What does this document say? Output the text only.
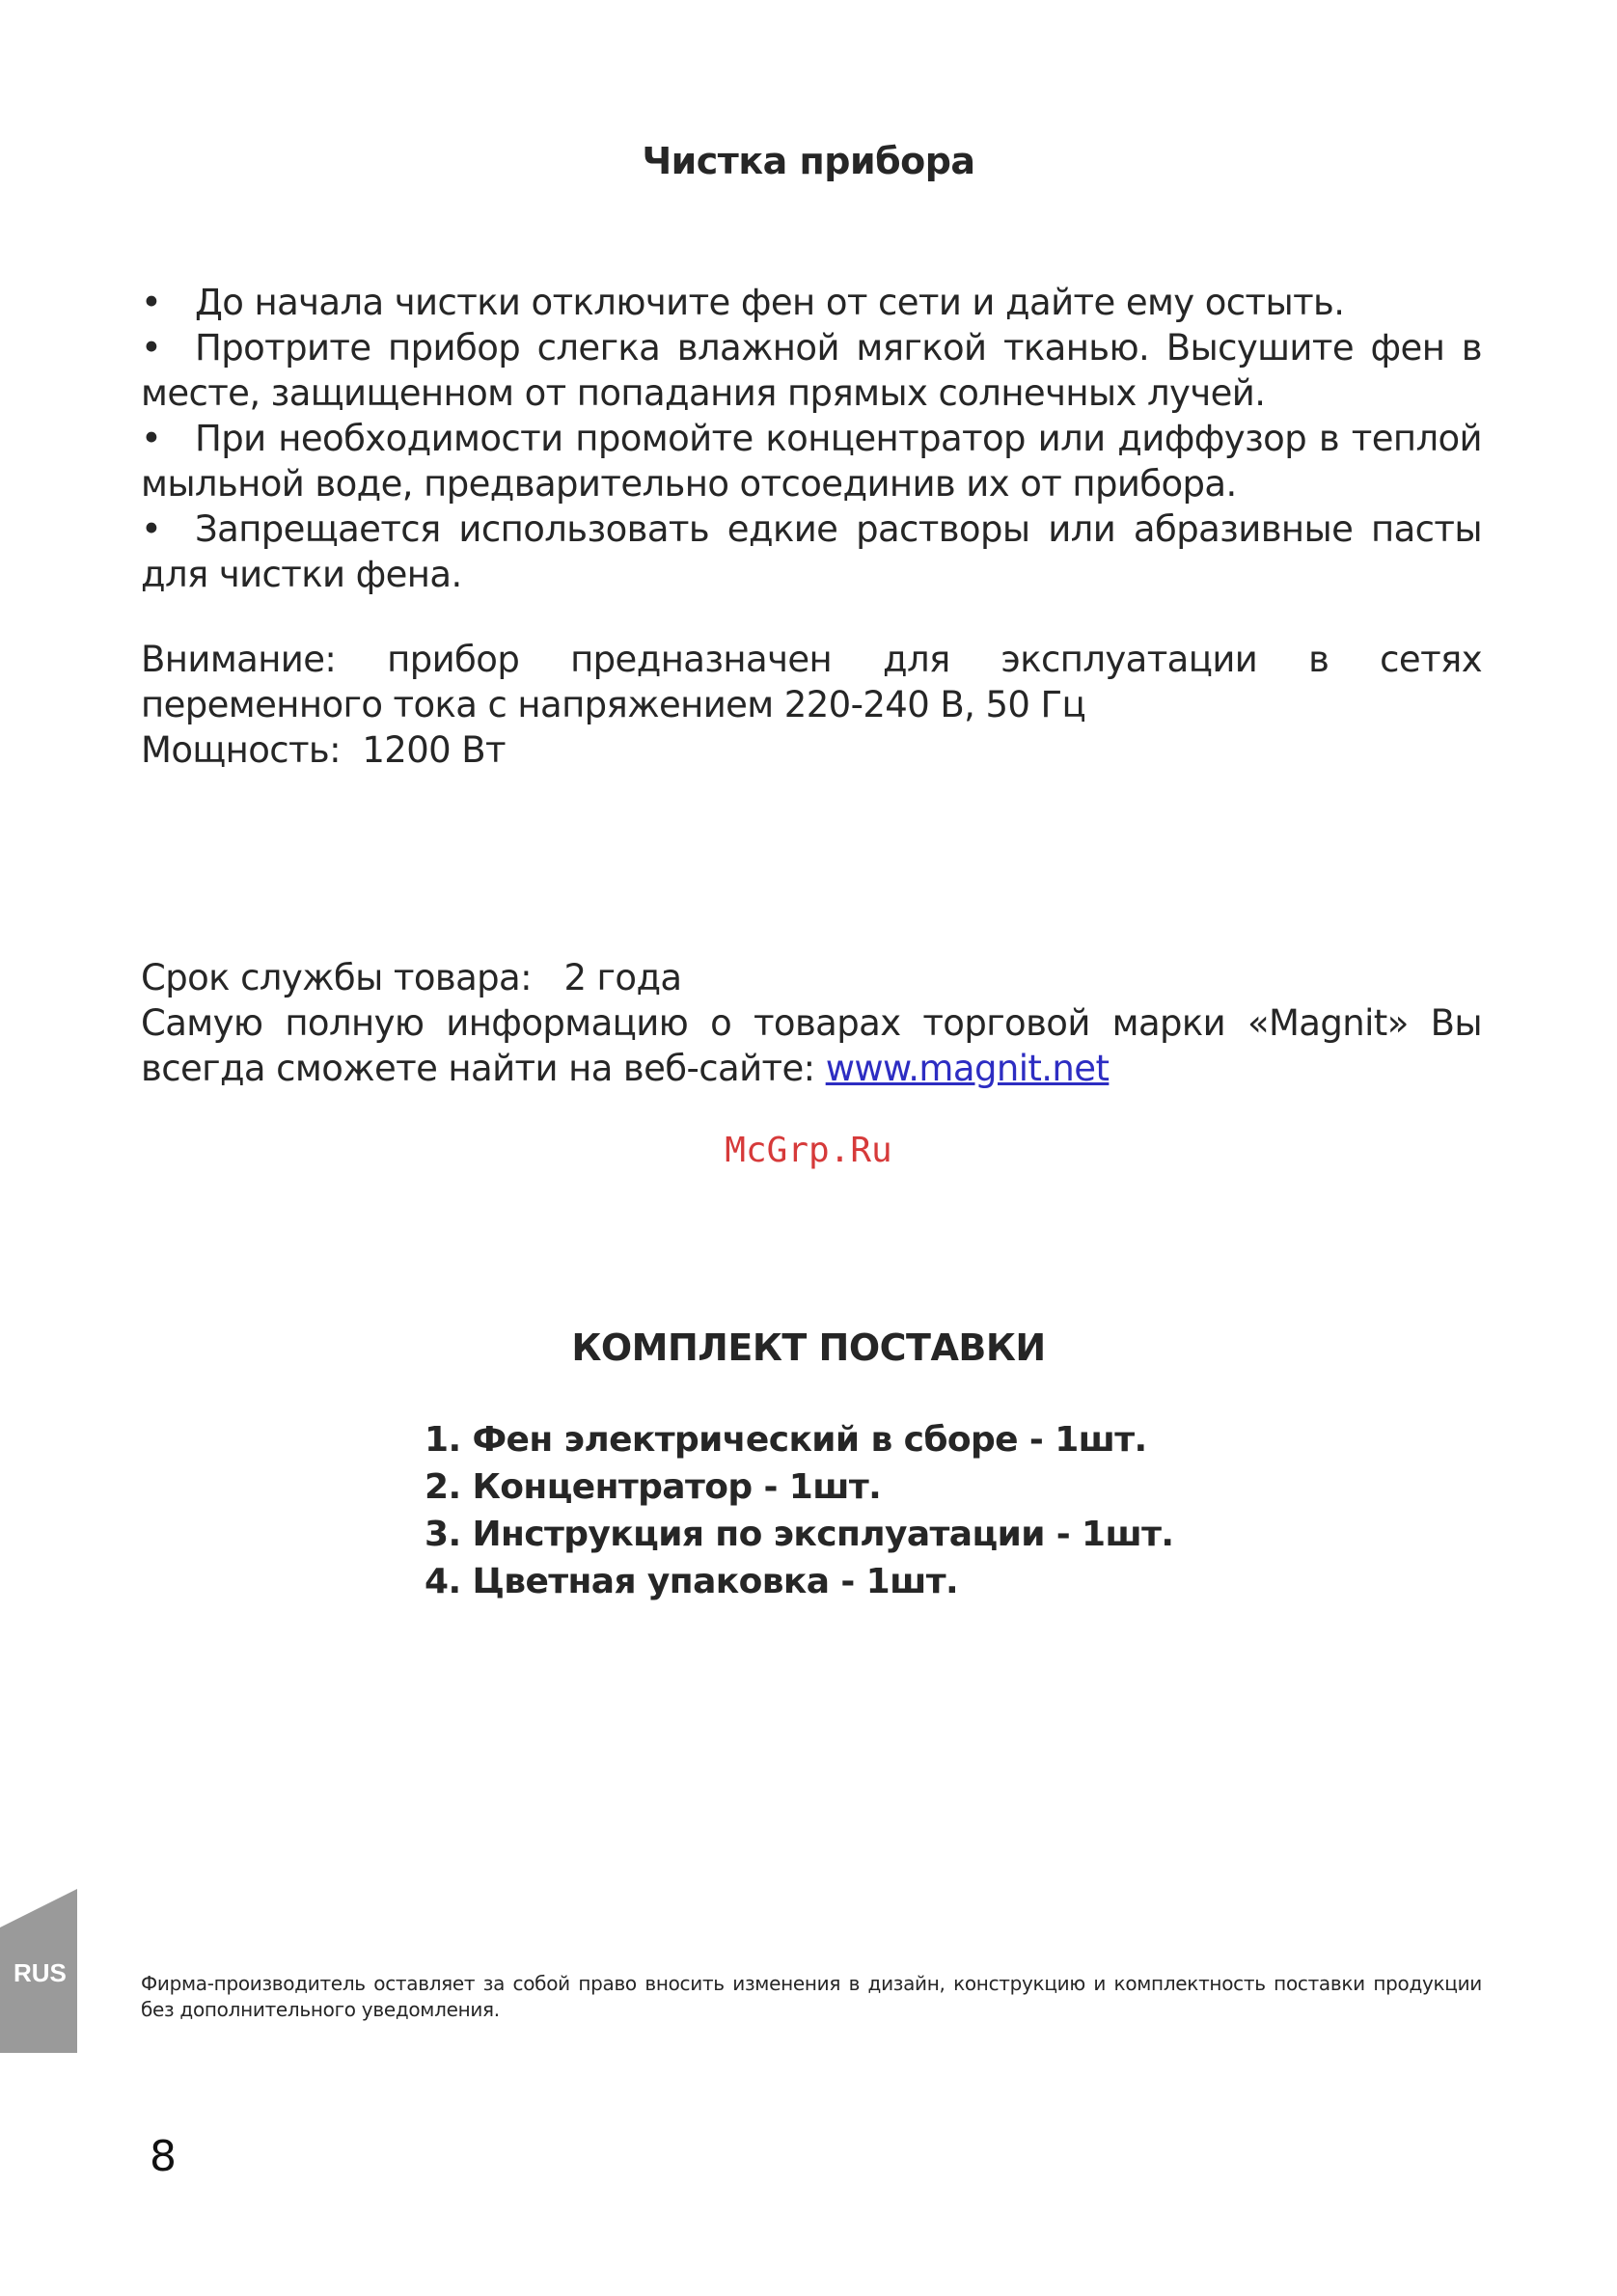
Чистка прибора

• До начала чистки отключите фен от сети и дайте ему остыть.

• Протрите прибор слегка влажной мягкой тканью. Высушите фен в месте, защищенном от попадания прямых солнечных лучей.

• При необходимости промойте концентратор или диффузор в теплой мыльной воде, предварительно отсоединив их от прибора.

• Запрещается использовать едкие растворы или абразивные пасты для чистки фена.

Внимание: прибор предназначен для эксплуатации в сетях переменного тока с напряжением 220-240 В, 50 Гц

Мощность:  1200 Вт

Срок службы товара:   2 года

Самую полную информацию о товарах торговой марки «Magnit» Вы всегда сможете найти на веб-сайте: www.magnit.net

McGrp.Ru
КОМПЛЕКТ ПОСТАВКИ

1. Фен электрический в сборе - 1шт.

2. Концентратор - 1шт.

3. Инструкция по эксплуатации - 1шт.

4. Цветная упаковка - 1шт.

RUS	Фирма-производитель оставляет за собой право вносить изменения в дизайн, конструкцию и комплектность поставки продукции без дополнительного уведомления.
8
